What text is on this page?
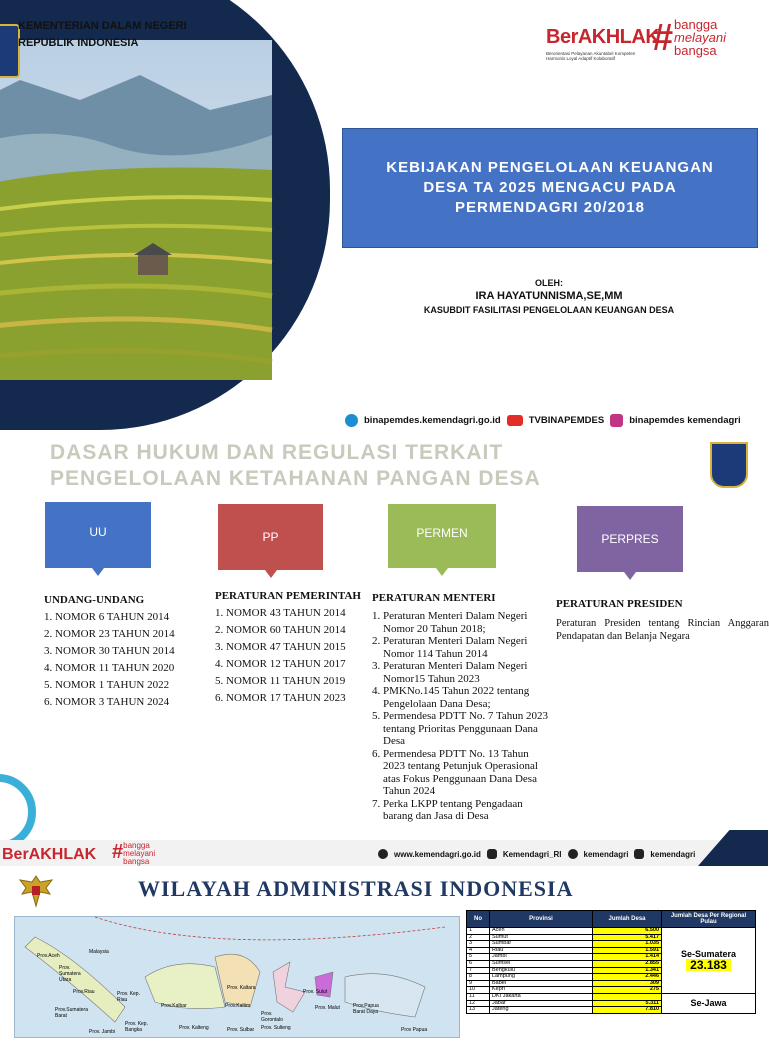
KEMENTERIAN DALAM NEGERI
REPUBLIK INDONESIA	BerAKHLAK
Berorientasi Pelayanan Akuntabel Kompeten Harmonis Loyal Adaptif Kolaboratif # bangga
melayani
bangsa
KEBIJAKAN PENGELOLAAN KEUANGAN DESA TA 2025 MENGACU PADA PERMENDAGRI 20/2018
OLEH:
IRA HAYATUNNISMA,SE,MM
KASUBDIT FASILITASI PENGELOLAAN KEUANGAN DESA
binapemdes.kemendagri.go.id	TVBINAPEMDES	binapemdes kemendagri
DASAR HUKUM DAN REGULASI TERKAIT
PENGELOLAAN KETAHANAN PANGAN DESA
UU	PP	PERMEN	PERPRES
UNDANG-UNDANG
1. NOMOR 6 TAHUN 2014
2. NOMOR 23 TAHUN 2014
3. NOMOR 30 TAHUN 2014
4. NOMOR 11 TAHUN 2020
5. NOMOR 1 TAHUN 2022
6. NOMOR 3 TAHUN 2024
PERATURAN PEMERINTAH
1. NOMOR 43 TAHUN 2014
2. NOMOR 60 TAHUN 2014
3. NOMOR 47 TAHUN 2015
4. NOMOR 12 TAHUN 2017
5. NOMOR 11 TAHUN 2019
6. NOMOR 17 TAHUN 2023
PERATURAN MENTERI
1. Peraturan Menteri Dalam Negeri Nomor 20 Tahun 2018;
2. Peraturan Menteri Dalam Negeri Nomor 114 Tahun 2014
3. Peraturan Menteri Dalam Negeri Nomor15 Tahun 2023
4. PMKNo.145 Tahun 2022 tentang Pengelolaan Dana Desa;
5. Permendesa PDTT No. 7 Tahun 2023 tentang Prioritas Penggunaan Dana Desa
6. Permendesa PDTT No. 13 Tahun 2023 tentang Petunjuk Operasional atas Fokus Penggunaan Dana Desa Tahun 2024
7. Perka LKPP tentang Pengadaan barang dan Jasa di Desa
PERATURAN PRESIDEN
Peraturan Presiden tentang Rincian Anggaran Pendapatan dan Belanja Negara
BerAKHLAK # bangga melayani bangsa
www.kemendagri.go.id	Kemendagri_RI	kemendagri	kemendagri
WILAYAH ADMINISTRASI INDONESIA
Prov.Aceh
Prov. Sumatera Utara
Malaysia
Prov.Riau	Prov. Kep. Riau
Prov. Kaltara
Prov.Kaltim
Prov.Kalbar
Prov. Kalteng
Prov. Sulut
Prov. Gorontalo
Prov. Malut	Prov.Papua Barat Daya
Prov.Sumatera Barat
Prov. Jambi
Prov. Kep. Bangka	Prov. Sulteng
Prov. Sulbar	Prov Papua
No	Provinsi	Jumlah Desa	Jumlah Desa Per Regional Pulau
1	Aceh	6.500	Se-Sumatera
23.183
2	Sumut	5.417	
3	Sumbar	1.035	
4	Riau	1.591	
5	Jambi	1.414	
6	Sumsel	2.855	
7	Bengkulu	1.341	
8	Lampung	2.446	
9	Babel	309	
10	Kepri	275	
11	DKI Jakarta		Se-Jawa
12	Jabar	5.311	
13	Jateng	7.810	
